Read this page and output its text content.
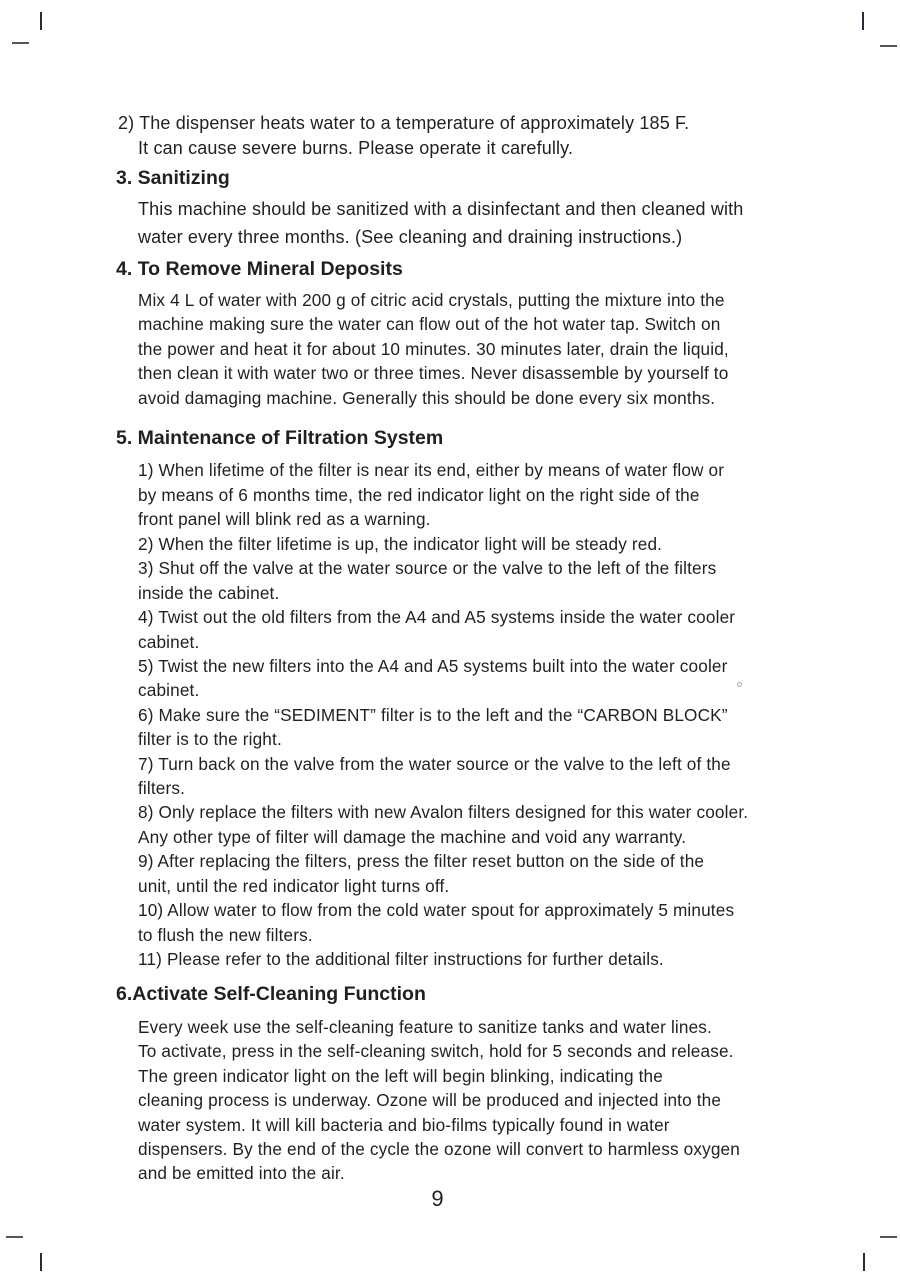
2) The dispenser heats water to a temperature of approximately 185 F.
It can cause severe burns. Please operate it carefully.
3. Sanitizing
This machine should be sanitized with a disinfectant and then cleaned with
water every three months. (See cleaning and draining instructions.)
4. To Remove Mineral Deposits
Mix 4 L of water with 200 g of citric acid crystals, putting the mixture into the
machine making sure the water can flow out of the hot water tap. Switch on
the power and heat it for about 10 minutes. 30 minutes later, drain the liquid,
then clean it with water two or three times. Never disassemble by yourself to
avoid damaging machine. Generally this should be done every six months.
5. Maintenance of Filtration System
1) When lifetime of the filter is near its end, either by means of water flow or
by means of 6 months time, the red indicator light on the right side of the
front panel will blink red as a warning.
2) When the filter lifetime is up, the indicator light will be steady red.
3) Shut off the valve at the water source or the valve to the left of the filters
inside the cabinet.
4) Twist out the old filters from the A4 and A5 systems inside the water cooler
cabinet.
5) Twist the new filters into the A4 and A5 systems built into the water cooler
cabinet.
6) Make sure the “SEDIMENT” filter is to the left and the “CARBON BLOCK”
filter is to the right.
7) Turn back on the valve from the water source or the valve to the left of the
filters.
8) Only replace the filters with new Avalon filters designed for this water cooler.
Any other type of filter will damage the machine and void any warranty.
9) After replacing the filters, press the filter reset button on the side of the
unit, until the red indicator light turns off.
10) Allow water to flow from the cold water spout for approximately 5 minutes
to flush the new filters.
11) Please refer to the additional filter instructions for further details.
6.Activate Self-Cleaning Function
Every week use the self-cleaning feature to sanitize tanks and water lines.
To activate, press in the self-cleaning switch, hold for 5 seconds and release.
The green indicator light on the left will begin blinking, indicating the
cleaning process is underway. Ozone will be produced and injected into the
water system. It will kill bacteria and bio-films typically found in water
dispensers. By the end of the cycle the ozone will convert to harmless oxygen
and be emitted into the air.
9
